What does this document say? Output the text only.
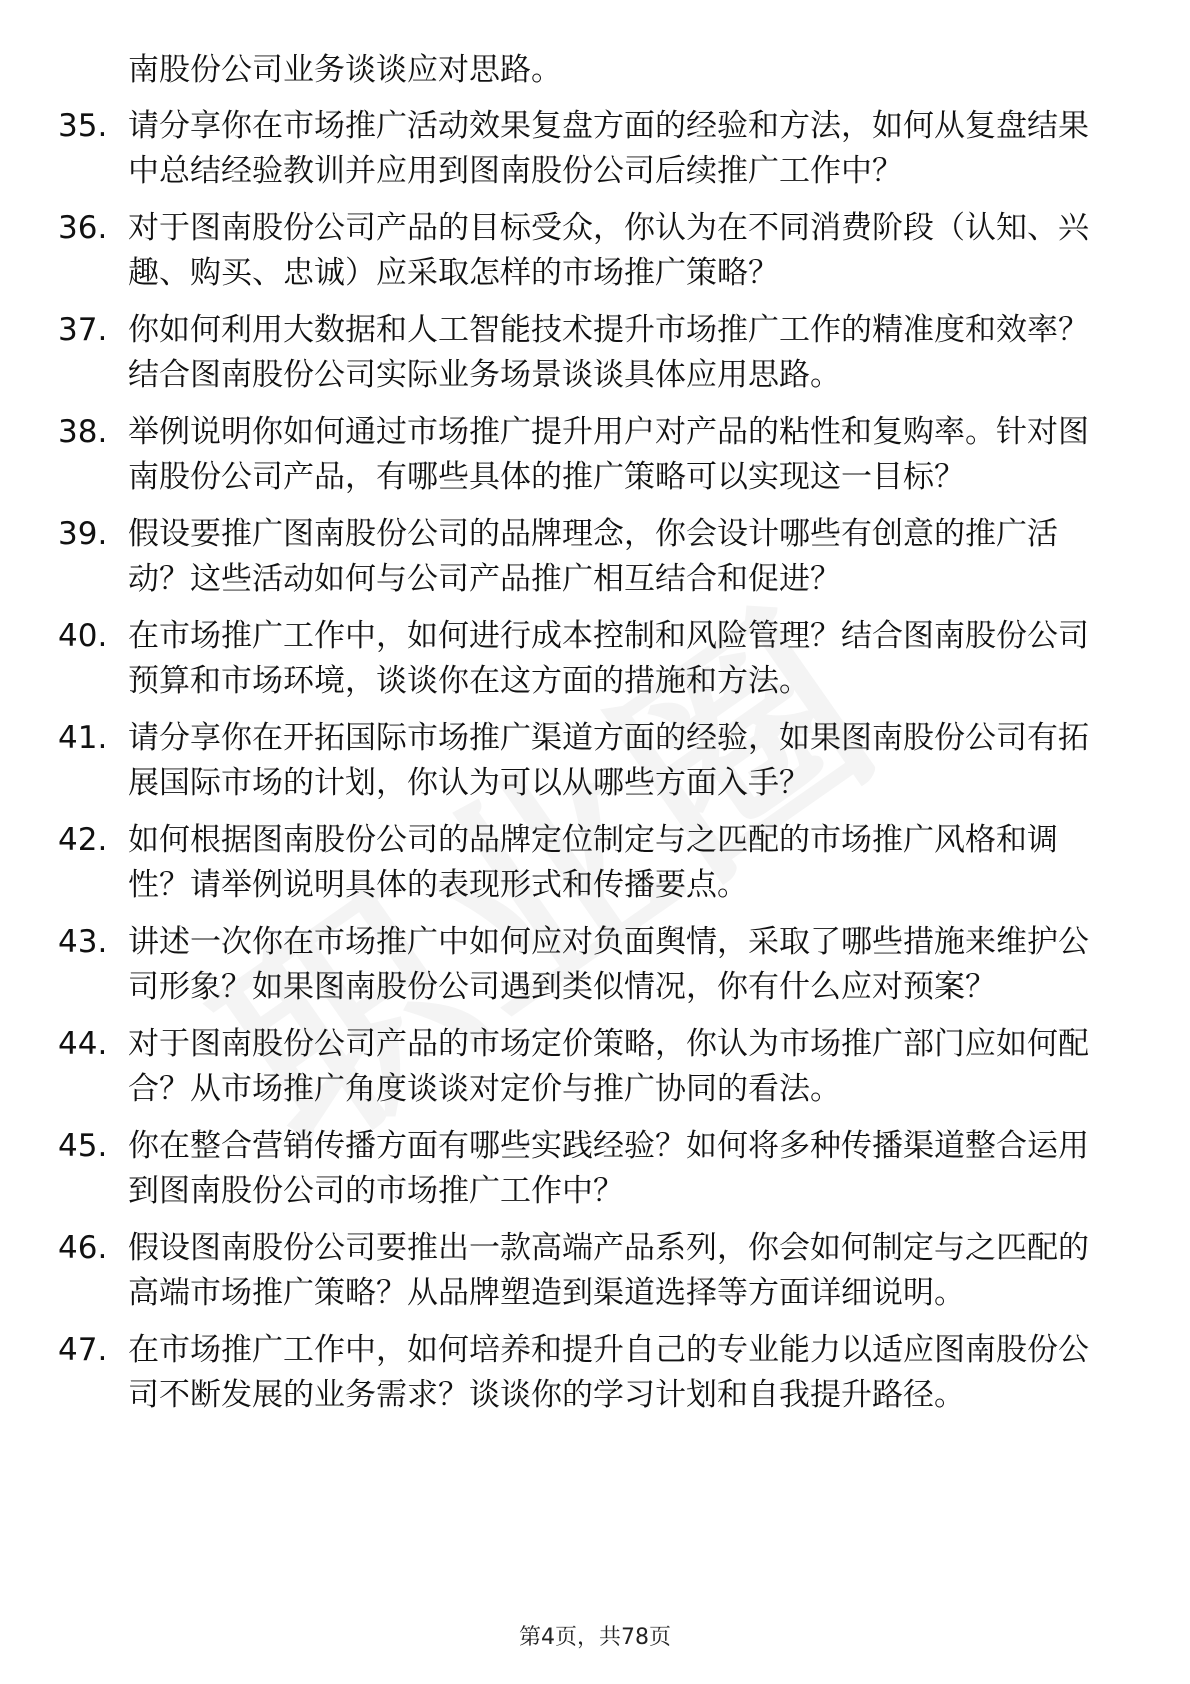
南股份公司业务谈谈应对思路。
35. 请分享你在市场推广活动效果复盘方面的经验和方法，如何从复盘结果中总结经验教训并应用到图南股份公司后续推广工作中？
36. 对于图南股份公司产品的目标受众，你认为在不同消费阶段（认知、兴趣、购买、忠诚）应采取怎样的市场推广策略？
37. 你如何利用大数据和人工智能技术提升市场推广工作的精准度和效率？结合图南股份公司实际业务场景谈谈具体应用思路。
38. 举例说明你如何通过市场推广提升用户对产品的粘性和复购率。针对图南股份公司产品，有哪些具体的推广策略可以实现这一目标？
39. 假设要推广图南股份公司的品牌理念，你会设计哪些有创意的推广活动？这些活动如何与公司产品推广相互结合和促进？
40. 在市场推广工作中，如何进行成本控制和风险管理？结合图南股份公司预算和市场环境，谈谈你在这方面的措施和方法。
41. 请分享你在开拓国际市场推广渠道方面的经验，如果图南股份公司有拓展国际市场的计划，你认为可以从哪些方面入手？
42. 如何根据图南股份公司的品牌定位制定与之匹配的市场推广风格和调性？请举例说明具体的表现形式和传播要点。
43. 讲述一次你在市场推广中如何应对负面舆情，采取了哪些措施来维护公司形象？如果图南股份公司遇到类似情况，你有什么应对预案？
44. 对于图南股份公司产品的市场定价策略，你认为市场推广部门应如何配合？从市场推广角度谈谈对定价与推广协同的看法。
45. 你在整合营销传播方面有哪些实践经验？如何将多种传播渠道整合运用到图南股份公司的市场推广工作中？
46. 假设图南股份公司要推出一款高端产品系列，你会如何制定与之匹配的高端市场推广策略？从品牌塑造到渠道选择等方面详细说明。
47. 在市场推广工作中，如何培养和提升自己的专业能力以适应图南股份公司不断发展的业务需求？谈谈你的学习计划和自我提升路径。
第4页，共78页
